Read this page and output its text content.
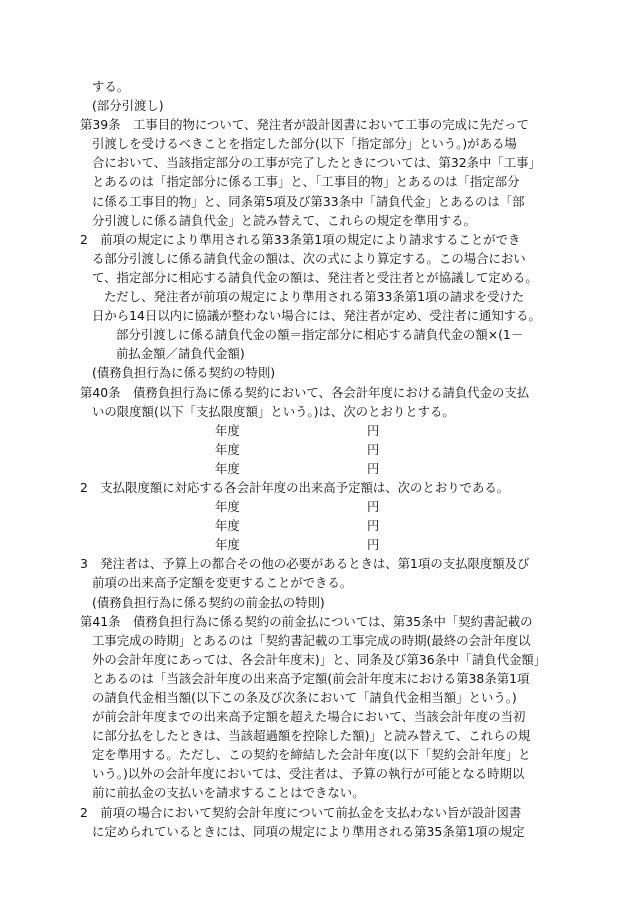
する。
(部分引渡し)
第39条　工事目的物について、発注者が設計図書において工事の完成に先だって
引渡しを受けるべきことを指定した部分(以下「指定部分」という。)がある場
合において、当該指定部分の工事が完了したときについては、第32条中「工事」
とあるのは「指定部分に係る工事」と、「工事目的物」とあるのは「指定部分
に係る工事目的物」と、同条第5項及び第33条中「請負代金」とあるのは「部
分引渡しに係る請負代金」と読み替えて、これらの規定を準用する。
2　前項の規定により準用される第33条第1項の規定により請求することができ
る部分引渡しに係る請負代金の額は、次の式により算定する。この場合におい
て、指定部分に相応する請負代金の額は、発注者と受注者とが協議して定める。
ただし、発注者が前項の規定により準用される第33条第1項の請求を受けた
日から14日以内に協議が整わない場合には、発注者が定め、受注者に通知する。
部分引渡しに係る請負代金の額＝指定部分に相応する請負代金の額×(1－
前払金額／請負代金額)
(債務負担行為に係る契約の特則)
第40条　債務負担行為に係る契約において、各会計年度における請負代金の支払
いの限度額(以下「支払限度額」という。)は、次のとおりとする。
年度	円
年度	円
年度	円
2　支払限度額に対応する各会計年度の出来高予定額は、次のとおりである。
年度	円
年度	円
年度	円
3　発注者は、予算上の都合その他の必要があるときは、第1項の支払限度額及び
前項の出来高予定額を変更することができる。
(債務負担行為に係る契約の前金払の特則)
第41条　債務負担行為に係る契約の前金払については、第35条中「契約書記載の
工事完成の時期」とあるのは「契約書記載の工事完成の時期(最終の会計年度以
外の会計年度にあっては、各会計年度末)」と、同条及び第36条中「請負代金額」
とあるのは「当該会計年度の出来高予定額(前会計年度末における第38条第1項
の請負代金相当額(以下この条及び次条において「請負代金相当額」という。)
が前会計年度までの出来高予定額を超えた場合において、当該会計年度の当初
に部分払をしたときは、当該超過額を控除した額)」と読み替えて、これらの規
定を準用する。ただし、この契約を締結した会計年度(以下「契約会計年度」と
いう。)以外の会計年度においては、受注者は、予算の執行が可能となる時期以
前に前払金の支払いを請求することはできない。
2　前項の場合において契約会計年度について前払金を支払わない旨が設計図書
に定められているときには、同項の規定により準用される第35条第1項の規定
